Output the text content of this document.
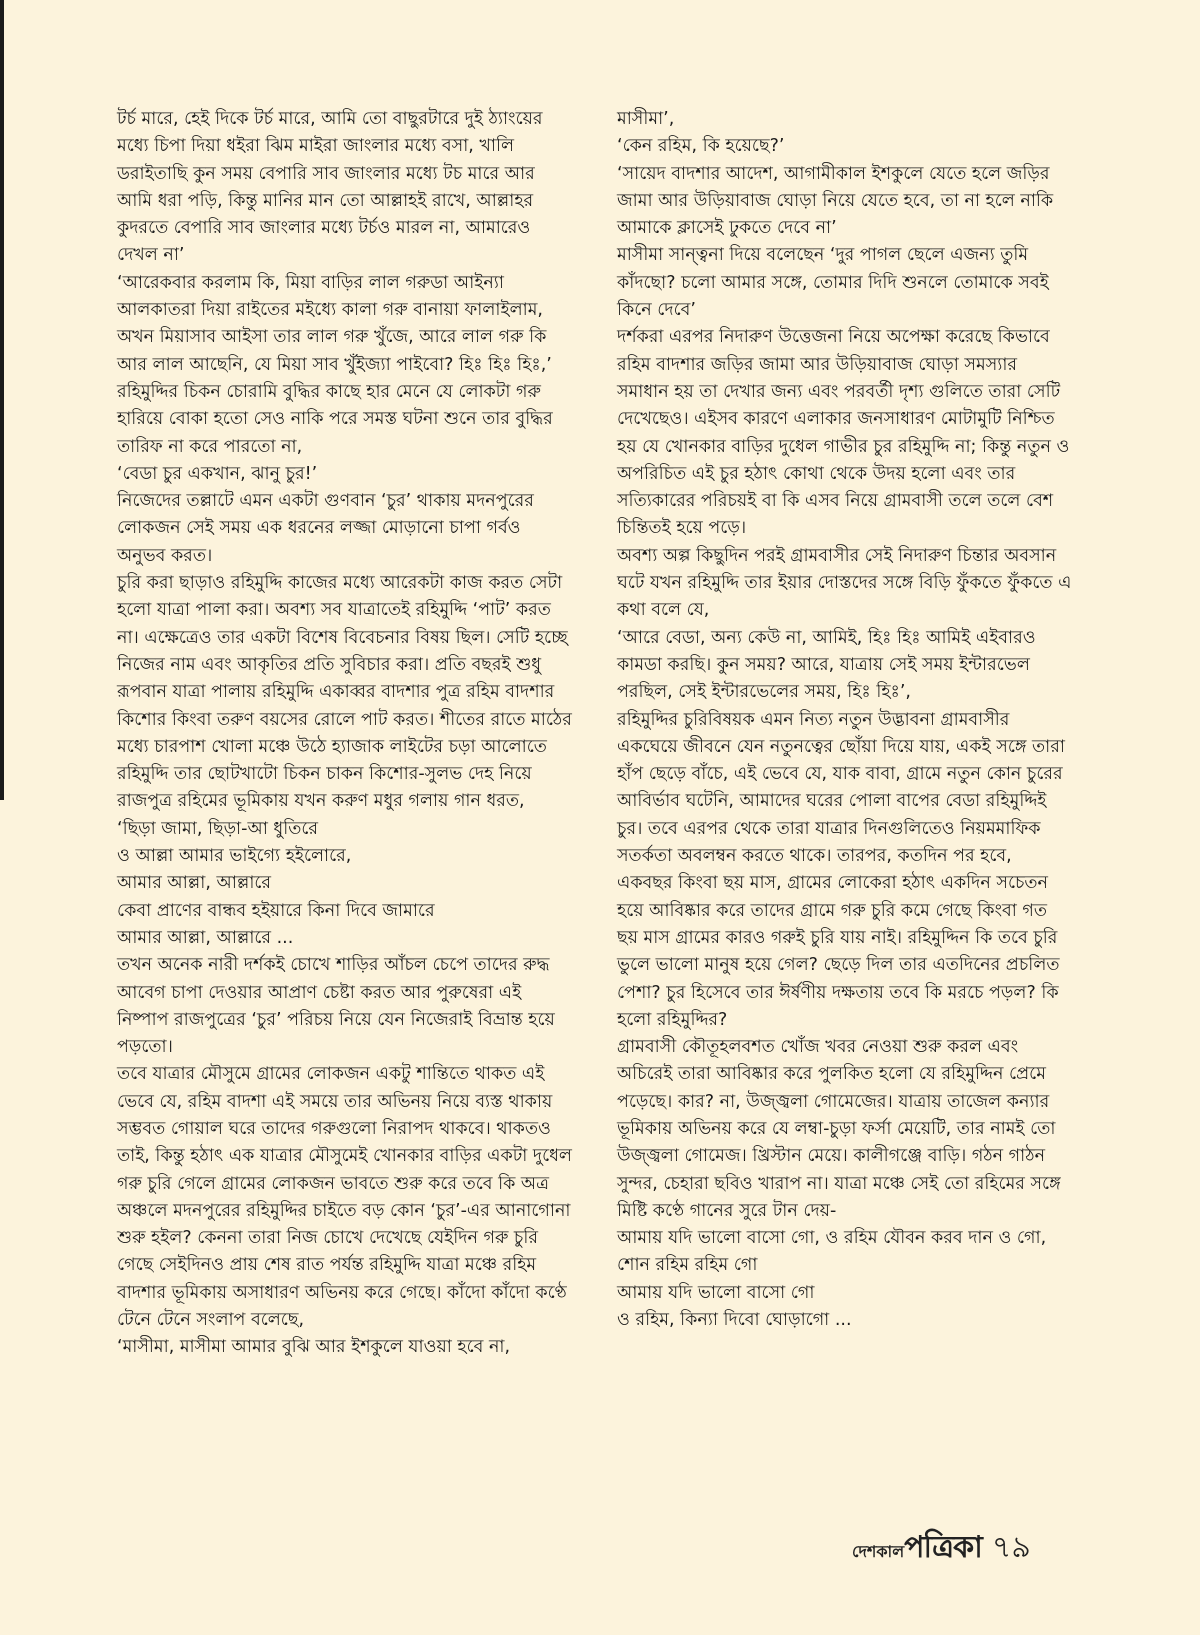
টর্চ মারে, হেই দিকে টর্চ মারে, আমি তো বাছুরটারে দুই ঠ্যাংয়ের মধ্যে চিপা দিয়া ধইরা ঝিম মাইরা জাংলার মধ্যে বসা, খালি ডরাইতাছি কুন সময় বেপারি সাব জাংলার মধ্যে টচ মারে আর আমি ধরা পড়ি, কিন্তু মানির মান তো আল্লাহই রাখে, আল্লাহর কুদরতে বেপারি সাব জাংলার মধ্যে টর্চও মারল না, আমারেও দেখল না’

‘আরেকবার করলাম কি, মিয়া বাড়ির লাল গরুডা আইন্যা আলকাতরা দিয়া রাইতের মইধ্যে কালা গরু বানায়া ফালাইলাম, অখন মিয়াসাব আইসা তার লাল গরু খুঁজে, আরে লাল গরু কি আর লাল আছেনি, যে মিয়া সাব খুঁইজ্যা পাইবো? হিঃ হিঃ হিঃ,’

রহিমুদ্দির চিকন চোরামি বুদ্ধির কাছে হার মেনে যে লোকটা গরু হারিয়ে বোকা হতো সেও নাকি পরে সমস্ত ঘটনা শুনে তার বুদ্ধির তারিফ না করে পারতো না,

‘বেডা চুর একখান, ঝানু চুর!’

নিজেদের তল্লাটে এমন একটা গুণবান ‘চুর’ থাকায় মদনপুরের লোকজন সেই সময় এক ধরনের লজ্জা মোড়ানো চাপা গর্বও অনুভব করত।

চুরি করা ছাড়াও রহিমুদ্দি কাজের মধ্যে আরেকটা কাজ করত সেটা হলো যাত্রা পালা করা। অবশ্য সব যাত্রাতেই রহিমুদ্দি ‘পাট’ করত না। এক্ষেত্রেও তার একটা বিশেষ বিবেচনার বিষয় ছিল। সেটি হচ্ছে নিজের নাম এবং আকৃতির প্রতি সুবিচার করা। প্রতি বছরই শুধু রূপবান যাত্রা পালায় রহিমুদ্দি একাব্বর বাদশার পুত্র রহিম বাদশার কিশোর কিংবা তরুণ বয়সের রোলে পাট করত। শীতের রাতে মাঠের মধ্যে চারপাশ খোলা মঞ্চে উঠে হ্যাজাক লাইটের চড়া আলোতে রহিমুদ্দি তার ছোটখাটো চিকন চাকন কিশোর-সুলভ দেহ নিয়ে রাজপুত্র রহিমের ভূমিকায় যখন করুণ মধুর গলায় গান ধরত,

‘ছিড়া জামা, ছিড়া-আ ধুতিরে

ও আল্লা আমার ভাইগ্যে হইলোরে,

আমার আল্লা, আল্লারে

কেবা প্রাণের বান্ধব হইয়ারে কিনা দিবে জামারে

আমার আল্লা, আল্লারে ...

তখন অনেক নারী দর্শকই চোখে শাড়ির আঁচল চেপে তাদের রুদ্ধ আবেগ চাপা দেওয়ার আপ্রাণ চেষ্টা করত আর পুরুষেরা এই নিষ্পাপ রাজপুত্রের ‘চুর’ পরিচয় নিয়ে যেন নিজেরাই বিভ্রান্ত হয়ে পড়তো।

তবে যাত্রার মৌসুমে গ্রামের লোকজন একটু শান্তিতে থাকত এই ভেবে যে, রহিম বাদশা এই সময়ে তার অভিনয় নিয়ে ব্যস্ত থাকায় সম্ভবত গোয়াল ঘরে তাদের গরুগুলো নিরাপদ থাকবে। থাকতও তাই, কিন্তু হঠাৎ এক যাত্রার মৌসুমেই খোনকার বাড়ির একটা দুধেল গরু চুরি গেলে গ্রামের লোকজন ভাবতে শুরু করে তবে কি অত্র অঞ্চলে মদনপুরের রহিমুদ্দির চাইতে বড় কোন ‘চুর’-এর আনাগোনা শুরু হইল? কেননা তারা নিজ চোখে দেখেছে যেইদিন গরু চুরি গেছে সেইদিনও প্রায় শেষ রাত পর্যন্ত রহিমুদ্দি যাত্রা মঞ্চে রহিম বাদশার ভূমিকায় অসাধারণ অভিনয় করে গেছে। কাঁদো কাঁদো কণ্ঠে টেনে টেনে সংলাপ বলেছে,

‘মাসীমা, মাসীমা আমার বুঝি আর ইশকুলে যাওয়া হবে না,

মাসীমা’,

‘কেন রহিম, কি হয়েছে?’

‘সায়েদ বাদশার আদেশ, আগামীকাল ইশকুলে যেতে হলে জড়ির জামা আর উড়িয়াবাজ ঘোড়া নিয়ে যেতে হবে, তা না হলে নাকি আমাকে ক্লাসেই ঢুকতে দেবে না’

মাসীমা সান্ত্বনা দিয়ে বলেছেন ‘দুর পাগল ছেলে এজন্য তুমি কাঁদছো? চলো আমার সঙ্গে, তোমার দিদি শুনলে তোমাকে সবই কিনে দেবে’

দর্শকরা এরপর নিদারুণ উত্তেজনা নিয়ে অপেক্ষা করেছে কিভাবে রহিম বাদশার জড়ির জামা আর উড়িয়াবাজ ঘোড়া সমস্যার সমাধান হয় তা দেখার জন্য এবং পরবর্তী দৃশ্য গুলিতে তারা সেটি দেখেছেও। এইসব কারণে এলাকার জনসাধারণ মোটামুটি নিশ্চিত হয় যে খোনকার বাড়ির দুধেল গাভীর চুর রহিমুদ্দি না; কিন্তু নতুন ও অপরিচিত এই চুর হঠাৎ কোথা থেকে উদয় হলো এবং তার সত্যিকারের পরিচয়ই বা কি এসব নিয়ে গ্রামবাসী তলে তলে বেশ চিন্তিতই হয়ে পড়ে।

অবশ্য অল্প কিছুদিন পরই গ্রামবাসীর সেই নিদারুণ চিন্তার অবসান ঘটে যখন রহিমুদ্দি তার ইয়ার দোস্তদের সঙ্গে বিড়ি ফুঁকতে ফুঁকতে এ কথা বলে যে,

‘আরে বেডা, অন্য কেউ না, আমিই, হিঃ হিঃ আমিই এইবারও কামডা করছি। কুন সময়? আরে, যাত্রায় সেই সময় ইন্টারভেল পরছিল, সেই ইন্টারভেলের সময়, হিঃ হিঃ’,

রহিমুদ্দির চুরিবিষয়ক এমন নিত্য নতুন উদ্ভাবনা গ্রামবাসীর একঘেয়ে জীবনে যেন নতুনত্বের ছোঁয়া দিয়ে যায়, একই সঙ্গে তারা হাঁপ ছেড়ে বাঁচে, এই ভেবে যে, যাক বাবা, গ্রামে নতুন কোন চুরের আবির্ভাব ঘটেনি, আমাদের ঘরের পোলা বাপের বেডা রহিমুদ্দিই চুর। তবে এরপর থেকে তারা যাত্রার দিনগুলিতেও নিয়মমাফিক সতর্কতা অবলম্বন করতে থাকে। তারপর, কতদিন পর হবে, একবছর কিংবা ছয় মাস, গ্রামের লোকেরা হঠাৎ একদিন সচেতন হয়ে আবিষ্কার করে তাদের গ্রামে গরু চুরি কমে গেছে কিংবা গত ছয় মাস গ্রামের কারও গরুই চুরি যায় নাই। রহিমুদ্দিন কি তবে চুরি ভুলে ভালো মানুষ হয়ে গেল? ছেড়ে দিল তার এতদিনের প্রচলিত পেশা? চুর হিসেবে তার ঈর্ষণীয় দক্ষতায় তবে কি মরচে পড়ল? কি হলো রহিমুদ্দির?

গ্রামবাসী কৌতূহলবশত খোঁজ খবর নেওয়া শুরু করল এবং অচিরেই তারা আবিষ্কার করে পুলকিত হলো যে রহিমুদ্দিন প্রেমে পড়েছে। কার? না, উজ্জ্বলা গোমেজের। যাত্রায় তাজেল কন্যার ভূমিকায় অভিনয় করে যে লম্বা-চুড়া ফর্সা মেয়েটি, তার নামই তো উজ্জ্বলা গোমেজ। খ্রিস্টান মেয়ে। কালীগঞ্জে বাড়ি। গঠন গাঠন সুন্দর, চেহারা ছবিও খারাপ না। যাত্রা মঞ্চে সেই তো রহিমের সঙ্গে মিষ্টি কণ্ঠে গানের সুরে টান দেয়-

আমায় যদি ভালো বাসো গো, ও রহিম যৌবন করব দান ও গো,

শোন রহিম রহিম গো

আমায় যদি ভালো বাসো গো

ও রহিম, কিন্যা দিবো ঘোড়াগো ...

দেশকাল পত্রিকা ৭৯
